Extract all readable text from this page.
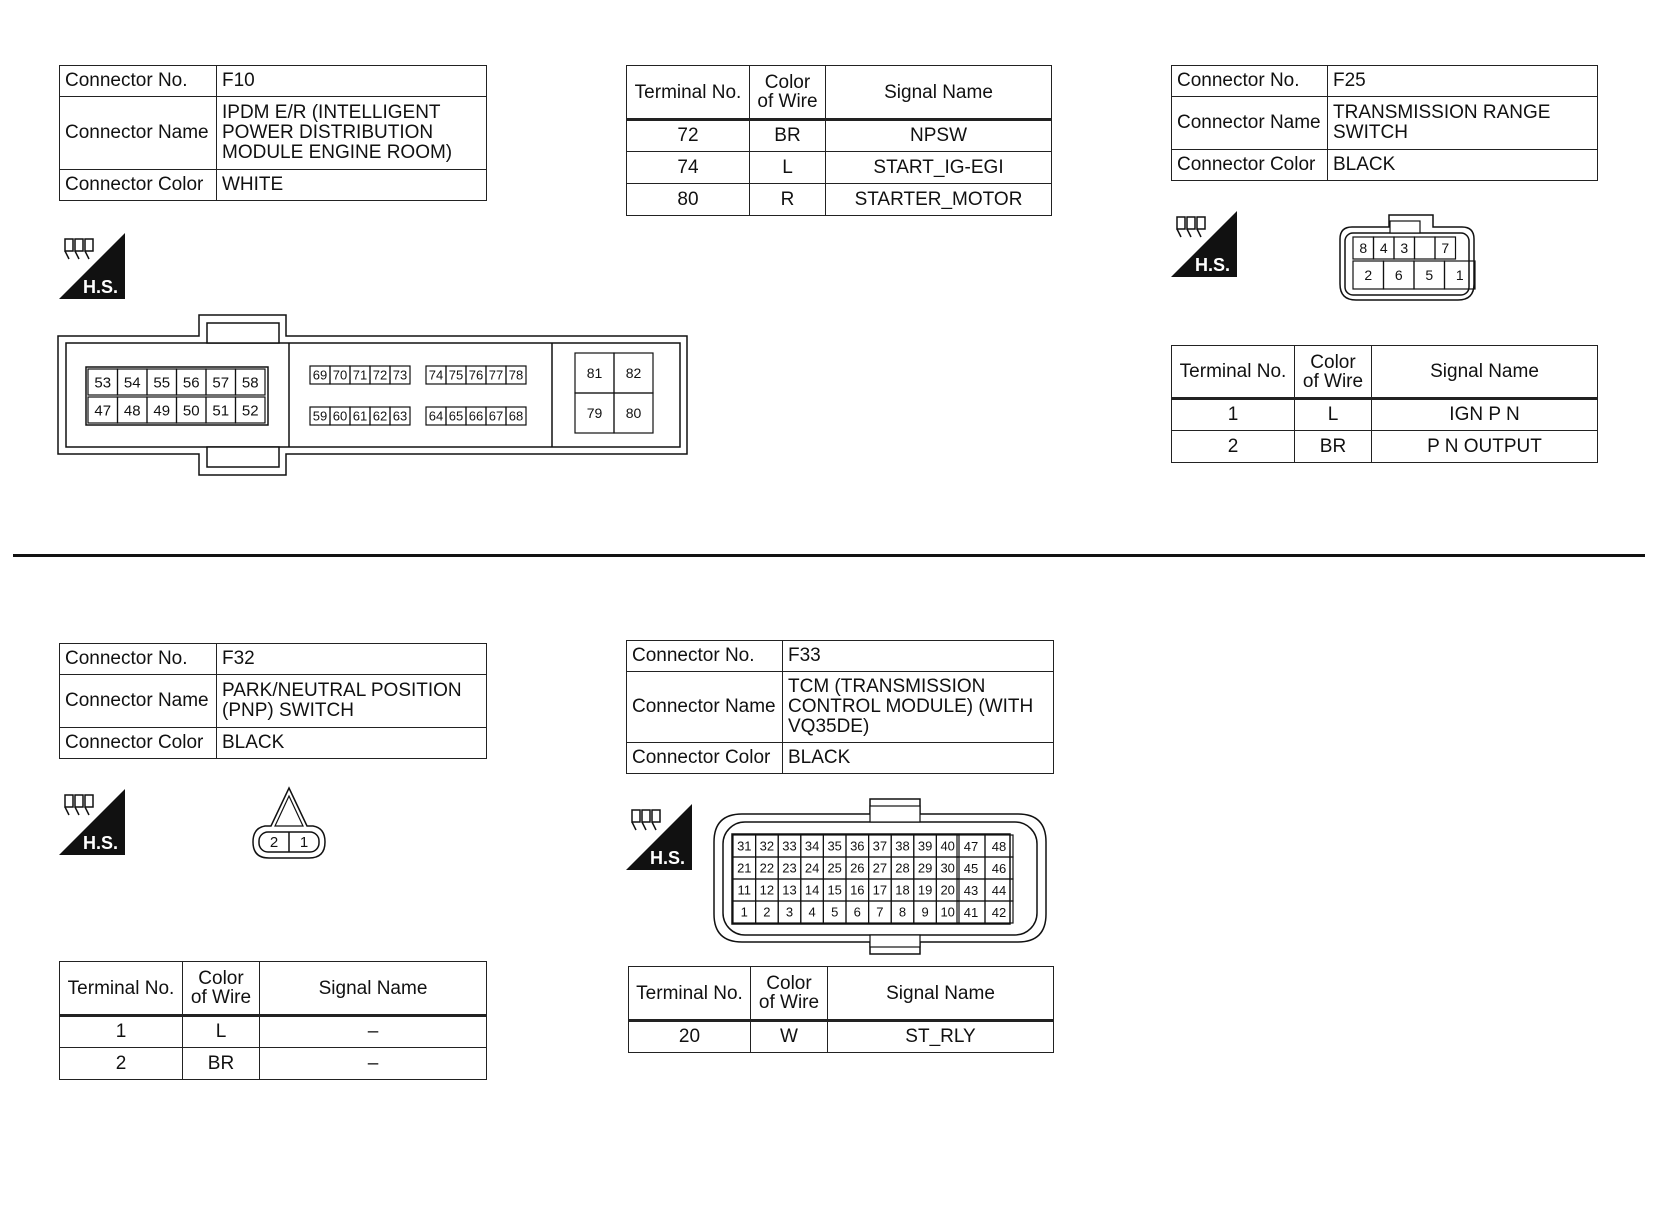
Connector No.	F10
Connector Name	IPDM E/R (INTELLIGENT POWER DISTRIBUTION MODULE ENGINE ROOM)
Connector Color	WHITE
H.S.
53 54 55 56 57 58
47 48 49 50 51 52
69 70 71 72 73 74 75 76 77 78
59 60 61 62 63 64 65 66 67 68
81 82
79 80
Terminal No.	Color of Wire	Signal Name
72	BR	NPSW
74	L	START_IG-EGI
80	R	STARTER_MOTOR
Connector No.	F25
Connector Name	TRANSMISSION RANGE SWITCH
Connector Color	BLACK
H.S.
8 4 3 7
2 6 5 1
Terminal No.	Color of Wire	Signal Name
1	L	IGN P N
2	BR	P N OUTPUT
Connector No.	F32
Connector Name	PARK/NEUTRAL POSITION (PNP) SWITCH
Connector Color	BLACK
H.S.	2 1
Terminal No.	Color of Wire	Signal Name
1	L	–
2	BR	–
Connector No.	F33
Connector Name	TCM (TRANSMISSION CONTROL MODULE) (WITH VQ35DE)
Connector Color	BLACK
H.S.
31 32 33 34 35 36 37 38 39 40 47 48
21 22 23 24 25 26 27 28 29 30 45 46
11 12 13 14 15 16 17 18 19 20 43 44
1 2 3 4 5 6 7 8 9 10 41 42
Terminal No.	Color of Wire	Signal Name
20	W	ST_RLY
